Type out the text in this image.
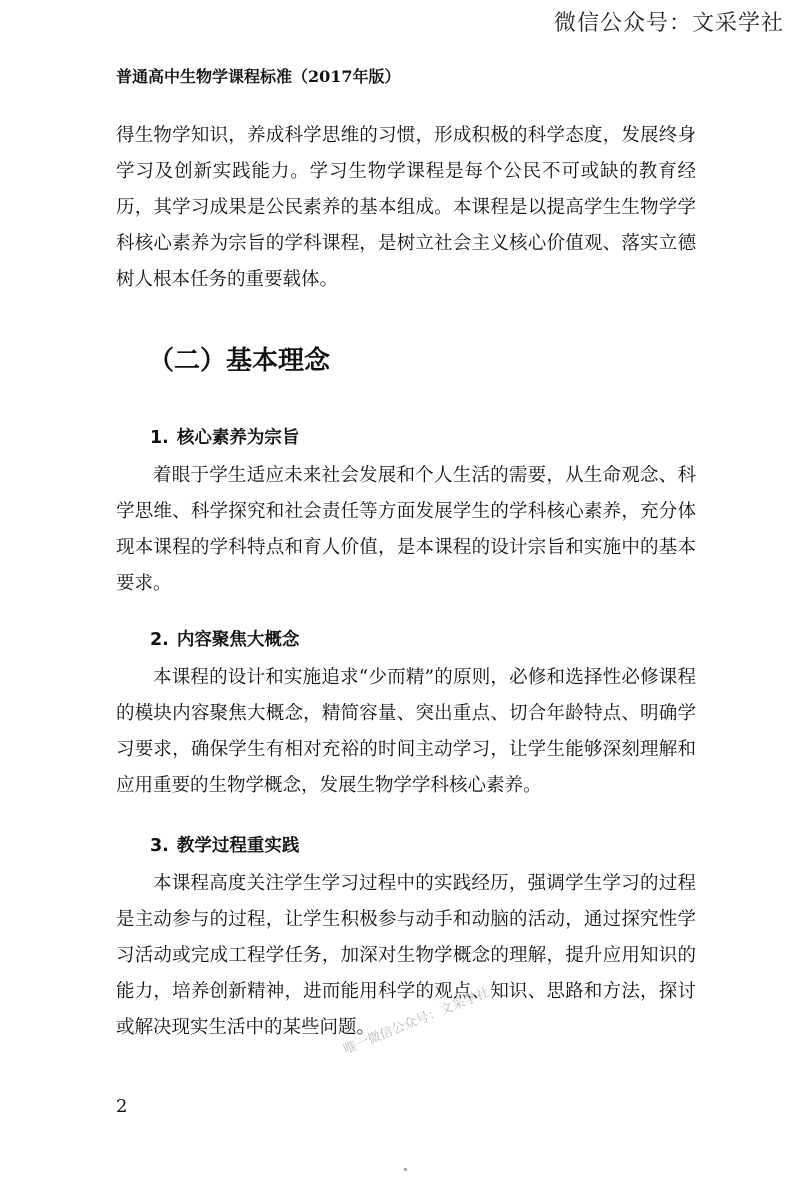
微信公众号：文采学社
普通高中生物学课程标准（2017年版）

得生物学知识，养成科学思维的习惯，形成积极的科学态度，发展终身学习及创新实践能力。学习生物学课程是每个公民不可或缺的教育经历，其学习成果是公民素养的基本组成。本课程是以提高学生生物学学科核心素养为宗旨的学科课程，是树立社会主义核心价值观、落实立德树人根本任务的重要载体。

（二）基本理念
1. 核心素养为宗旨

着眼于学生适应未来社会发展和个人生活的需要，从生命观念、科学思维、科学探究和社会责任等方面发展学生的学科核心素养，充分体现本课程的学科特点和育人价值，是本课程的设计宗旨和实施中的基本要求。

2. 内容聚焦大概念

本课程的设计和实施追求“少而精”的原则，必修和选择性必修课程的模块内容聚焦大概念，精简容量、突出重点、切合年龄特点、明确学习要求，确保学生有相对充裕的时间主动学习，让学生能够深刻理解和应用重要的生物学概念，发展生物学学科核心素养。

3. 教学过程重实践

本课程高度关注学生学习过程中的实践经历，强调学生学习的过程是主动参与的过程，让学生积极参与动手和动脑的活动，通过探究性学习活动或完成工程学任务，加深对生物学概念的理解，提升应用知识的能力，培养创新精神，进而能用科学的观点、知识、思路和方法，探讨或解决现实生活中的某些问题。

唯一微信公众号：文采学社
2
